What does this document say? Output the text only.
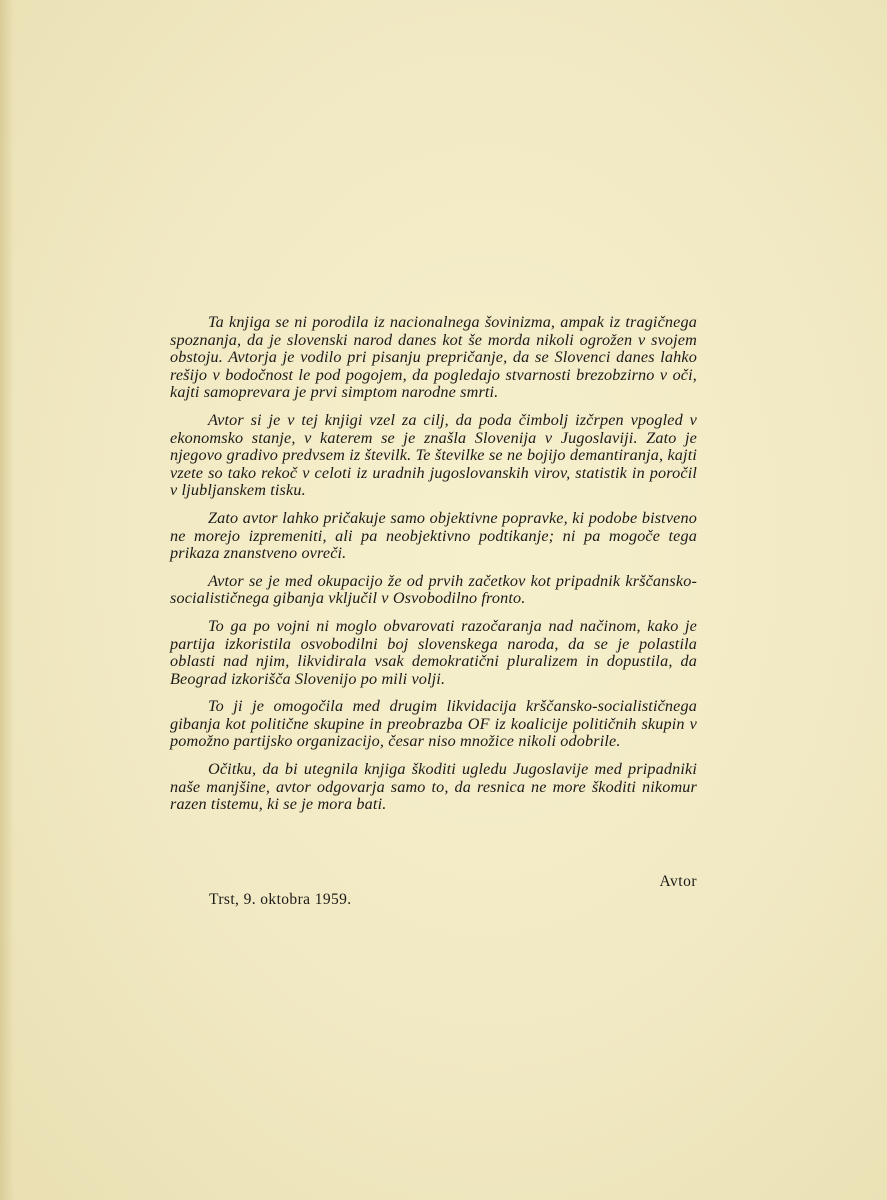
Ta knjiga se ni porodila iz nacionalnega šovinizma, ampak iz tragičnega spoznanja, da je slovenski narod danes kot še morda nikoli ogrožen v svojem obstoju. Avtorja je vodilo pri pisanju prepričanje, da se Slovenci danes lahko rešijo v bodočnost le pod pogojem, da pogledajo stvarnosti brezobzirno v oči, kajti samoprevara je prvi simptom narodne smrti.

Avtor si je v tej knjigi vzel za cilj, da poda čimbolj izčrpen vpogled v ekonomsko stanje, v katerem se je znašla Slovenija v Jugoslaviji. Zato je njegovo gradivo predvsem iz številk. Te številke se ne bojijo demantiranja, kajti vzete so tako rekoč v celoti iz uradnih jugoslovanskih virov, statistik in poročil v ljubljanskem tisku.

Zato avtor lahko pričakuje samo objektivne popravke, ki podobe bistveno ne morejo izpremeniti, ali pa neobjektivno podtikanje; ni pa mogoče tega prikaza znanstveno ovreči.

Avtor se je med okupacijo že od prvih začetkov kot pripadnik krščansko-socialističnega gibanja vključil v Osvobodilno fronto.

To ga po vojni ni moglo obvarovati razočaranja nad načinom, kako je partija izkoristila osvobodilni boj slovenskega naroda, da se je polastila oblasti nad njim, likvidirala vsak demokratični pluralizem in dopustila, da Beograd izkorišča Slovenijo po mili volji.

To ji je omogočila med drugim likvidacija krščansko-socialističnega gibanja kot politične skupine in preobrazba OF iz koalicije političnih skupin v pomožno partijsko organizacijo, česar niso množice nikoli odobrile.

Očitku, da bi utegnila knjiga škoditi ugledu Jugoslavije med pripadniki naše manjšine, avtor odgovarja samo to, da resnica ne more škoditi nikomur razen tistemu, ki se je mora bati.

Avtor
Trst, 9. oktobra 1959.
